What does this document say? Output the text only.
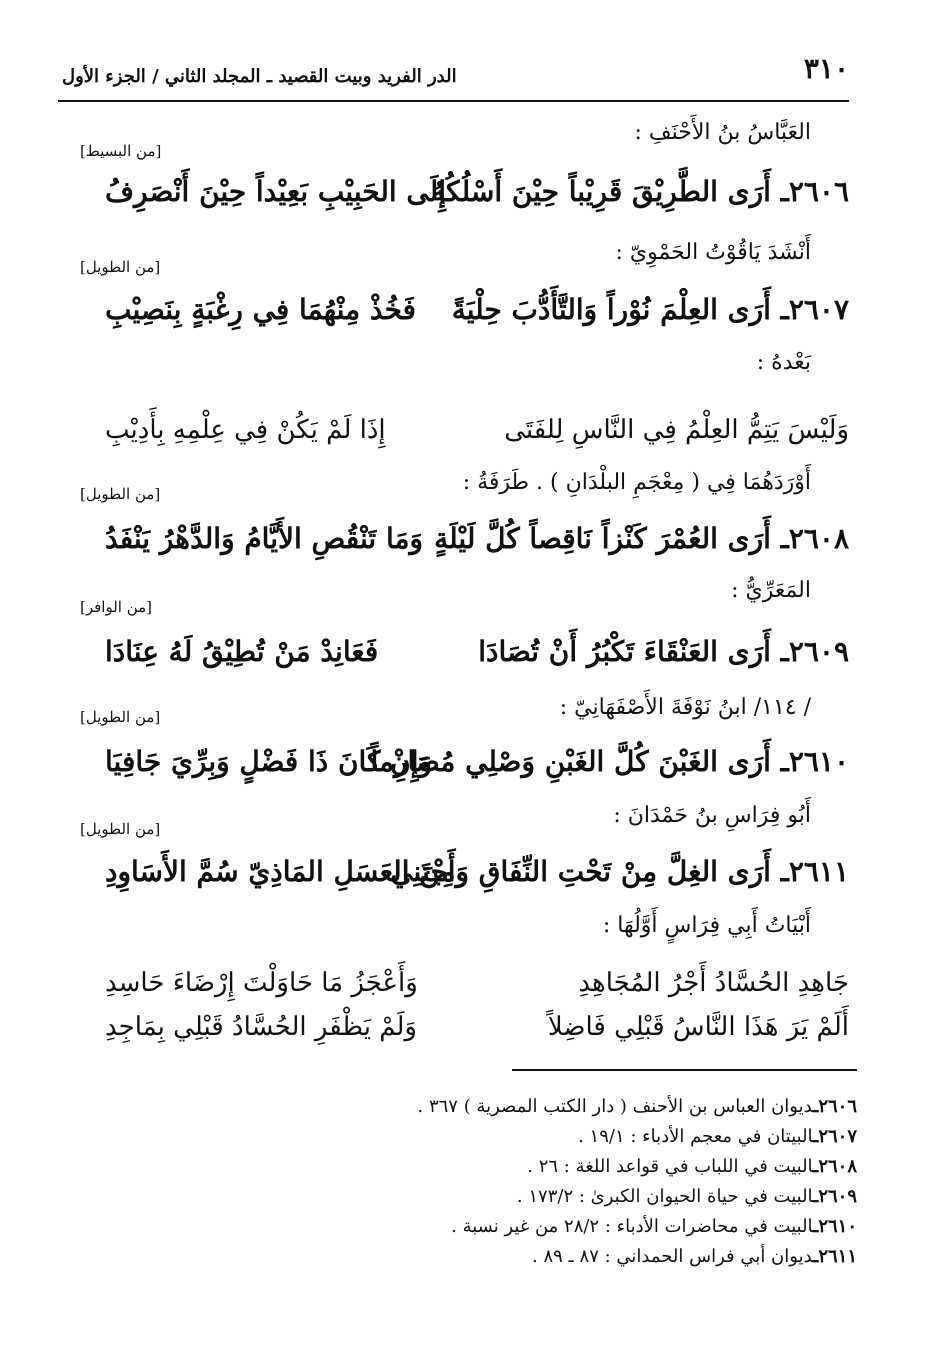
٣١٠
الدر الفريد وبيت القصيد ـ المجلد الثاني / الجزء الأول
العَبَّاسُ بنُ الأَحْنَفِ :
[من البسيط]
٢٦٠٦ـ أَرَى الطَّرِيْقَ قَرِيْباً حِيْنَ أَسْلُكُهُ
إِلَى الحَبِيْبِ بَعِيْداً حِيْنَ أَنْصَرِفُ
أَنْشَدَ يَاقُوْتُ الحَمْوِيّ :
[من الطويل]
٢٦٠٧ـ أَرَى العِلْمَ نُوْراً وَالتَّأَدُّبَ حِلْيَةً
فَخُذْ مِنْهُمَا فِي رِغْبَةٍ بِنَصِيْبِ
بَعْدهُ :
وَلَيْسَ يَتِمُّ العِلْمُ فِي النَّاسِ لِلفَتَى
إِذَا لَمْ يَكُنْ فِي عِلْمِهِ بِأَدِيْبِ
أَوْرَدَهُمَا فِي ( مِعْجَمِ البلْدَانِ ) . طَرَفَةُ :
[من الطويل]
٢٦٠٨ـ أَرَى العُمْرَ كَنْزاً نَاقِصاً كُلَّ لَيْلَةٍ
وَمَا تَنْقُصِ الأَيَّامُ وَالدَّهْرُ يَنْفَدُ
المَعَرِّيُّ :
[من الوافر]
٢٦٠٩ـ أَرَى العَنْقَاءَ تَكْبُرُ أَنْ تُصَادَا
فَعَانِدْ مَنْ تُطِيْقُ لَهُ عِنَادَا
/ ١١٤/ ابنُ نَوْفَةَ الأَصْفَهَانِيّ :
[من الطويل]
٢٦١٠ـ أَرَى الغَبْنَ كُلَّ الغَبْنِ وَصْلِي مُصَارِماً
وَإِنْ كَانَ ذَا فَضْلٍ وَبِرِّيَ جَافِيَا
أَبُو فِرَاسِ بنُ حَمْدَانَ :
[من الطويل]
٢٦١١ـ أَرَى الغِلَّ مِنْ تَحْتِ النِّفَاقِ وَأَجْتَنِي
مِنَ العَسَلِ المَاذِيّ سُمَّ الأَسَاوِدِ
أَبْيَاتُ أَبِي فِرَاسٍ أَوَّلُهَا :
جَاهِدِ الحُسَّادُ أَجْرُ المُجَاهِدِ
وَأَعْجَزُ مَا حَاوَلْتَ إِرْضَاءَ حَاسِدِ
أَلَمْ يَرَ هَذَا النَّاسُ قَبْلِي فَاضِلاً
وَلَمْ يَظْفَرِ الحُسَّادُ قَبْلِي بِمَاجِدِ
٢٦٠٦ـديوان العباس بن الأحنف ( دار الكتب المصرية ) ٣٦٧ .
٢٦٠٧ـالبيتان في معجم الأدباء : ١٩/١ .
٢٦٠٨ـالبيت في اللباب في قواعد اللغة : ٢٦ .
٢٦٠٩ـالبيت في حياة الحيوان الكبرىٰ : ١٧٣/٢ .
٢٦١٠ـالبيت في محاضرات الأدباء : ٢٨/٢ من غير نسبة .
٢٦١١ـديوان أبي فراس الحمداني : ٨٧ ـ ٨٩ .
